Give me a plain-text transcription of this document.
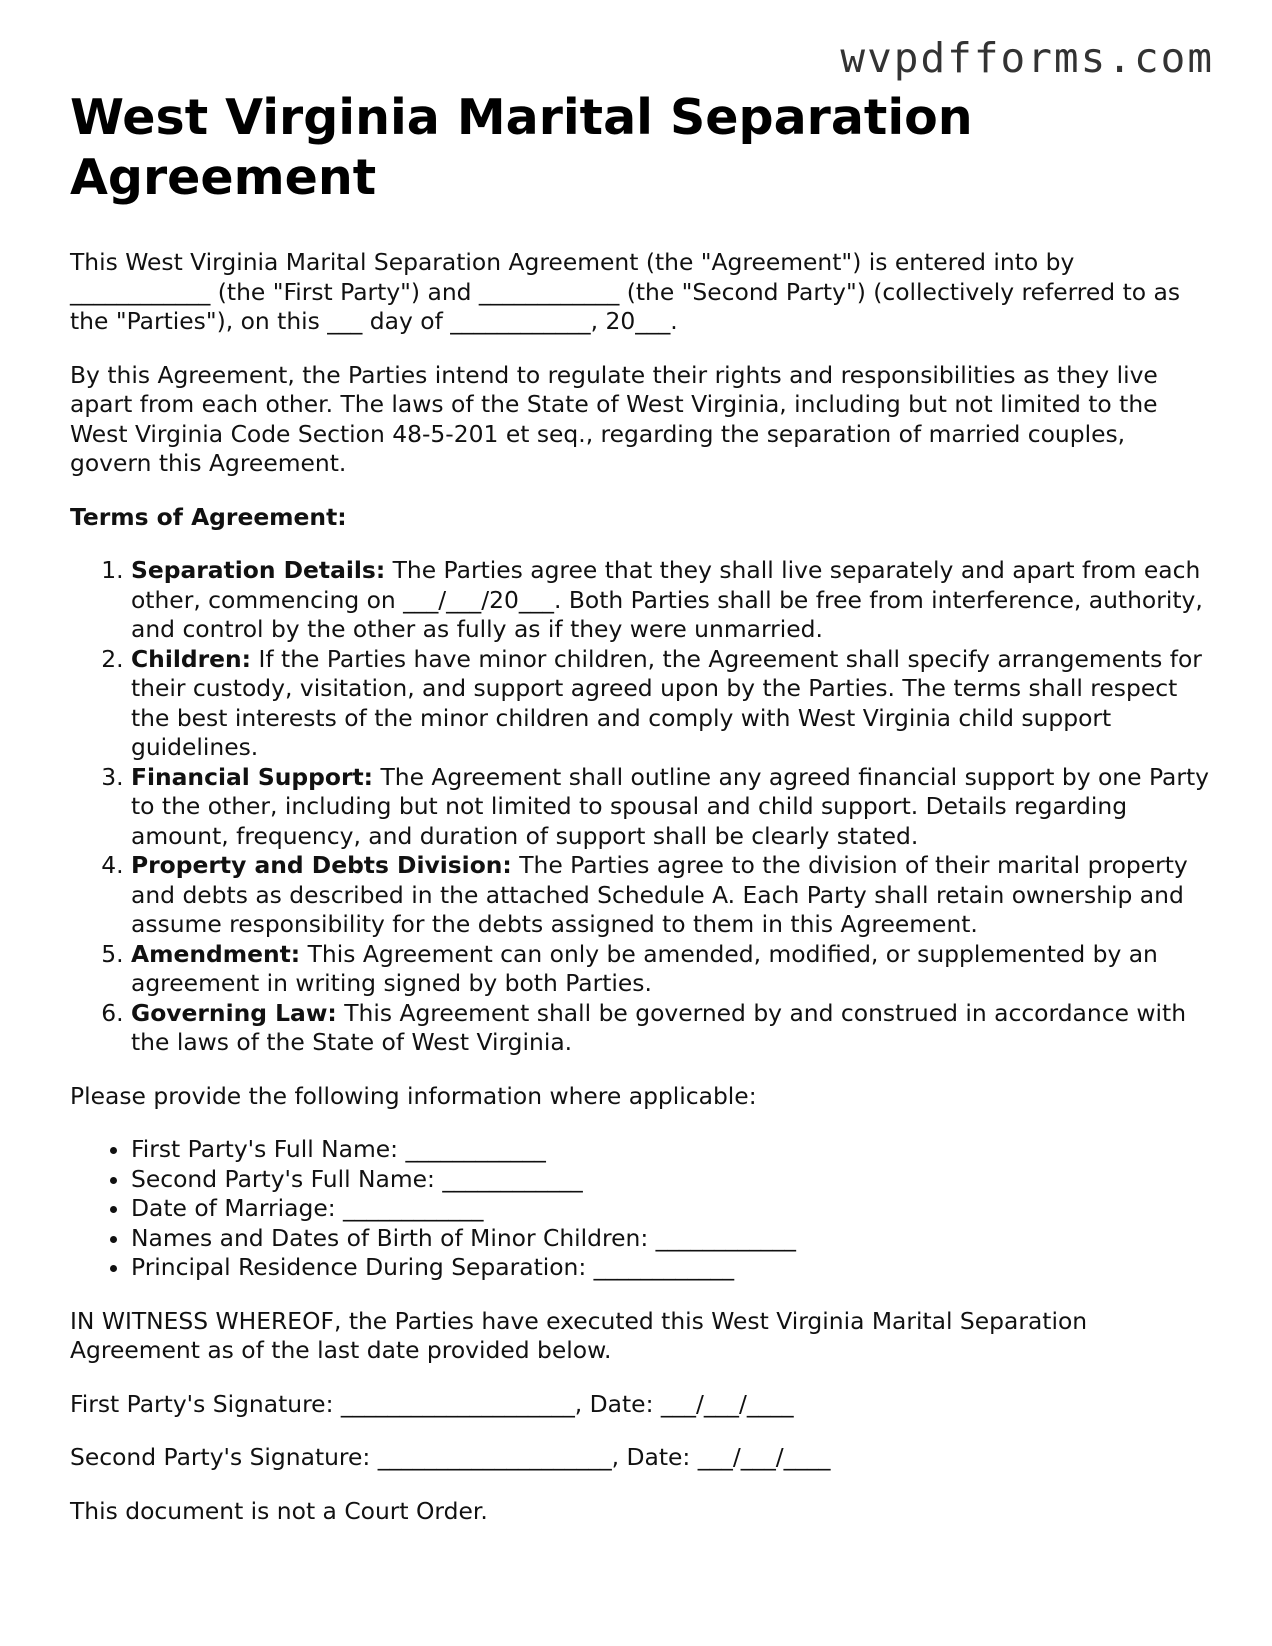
wvpdfforms.com

West Virginia Marital Separation Agreement

This West Virginia Marital Separation Agreement (the "Agreement") is entered into by ____________ (the "First Party") and ____________ (the "Second Party") (collectively referred to as the "Parties"), on this ___ day of ____________, 20___.

By this Agreement, the Parties intend to regulate their rights and responsibilities as they live apart from each other. The laws of the State of West Virginia, including but not limited to the West Virginia Code Section 48-5-201 et seq., regarding the separation of married couples, govern this Agreement.

Terms of Agreement:

1. Separation Details: The Parties agree that they shall live separately and apart from each other, commencing on ___/___/20___. Both Parties shall be free from interference, authority, and control by the other as fully as if they were unmarried.
2. Children: If the Parties have minor children, the Agreement shall specify arrangements for their custody, visitation, and support agreed upon by the Parties. The terms shall respect the best interests of the minor children and comply with West Virginia child support guidelines.
3. Financial Support: The Agreement shall outline any agreed financial support by one Party to the other, including but not limited to spousal and child support. Details regarding amount, frequency, and duration of support shall be clearly stated.
4. Property and Debts Division: The Parties agree to the division of their marital property and debts as described in the attached Schedule A. Each Party shall retain ownership and assume responsibility for the debts assigned to them in this Agreement.
5. Amendment: This Agreement can only be amended, modified, or supplemented by an agreement in writing signed by both Parties.
6. Governing Law: This Agreement shall be governed by and construed in accordance with the laws of the State of West Virginia.

Please provide the following information where applicable:

• First Party's Full Name: ____________
• Second Party's Full Name: ____________
• Date of Marriage: ____________
• Names and Dates of Birth of Minor Children: ____________
• Principal Residence During Separation: ____________

IN WITNESS WHEREOF, the Parties have executed this West Virginia Marital Separation Agreement as of the last date provided below.

First Party's Signature: ____________________, Date: ___/___/____

Second Party's Signature: ____________________, Date: ___/___/____

This document is not a Court Order.
